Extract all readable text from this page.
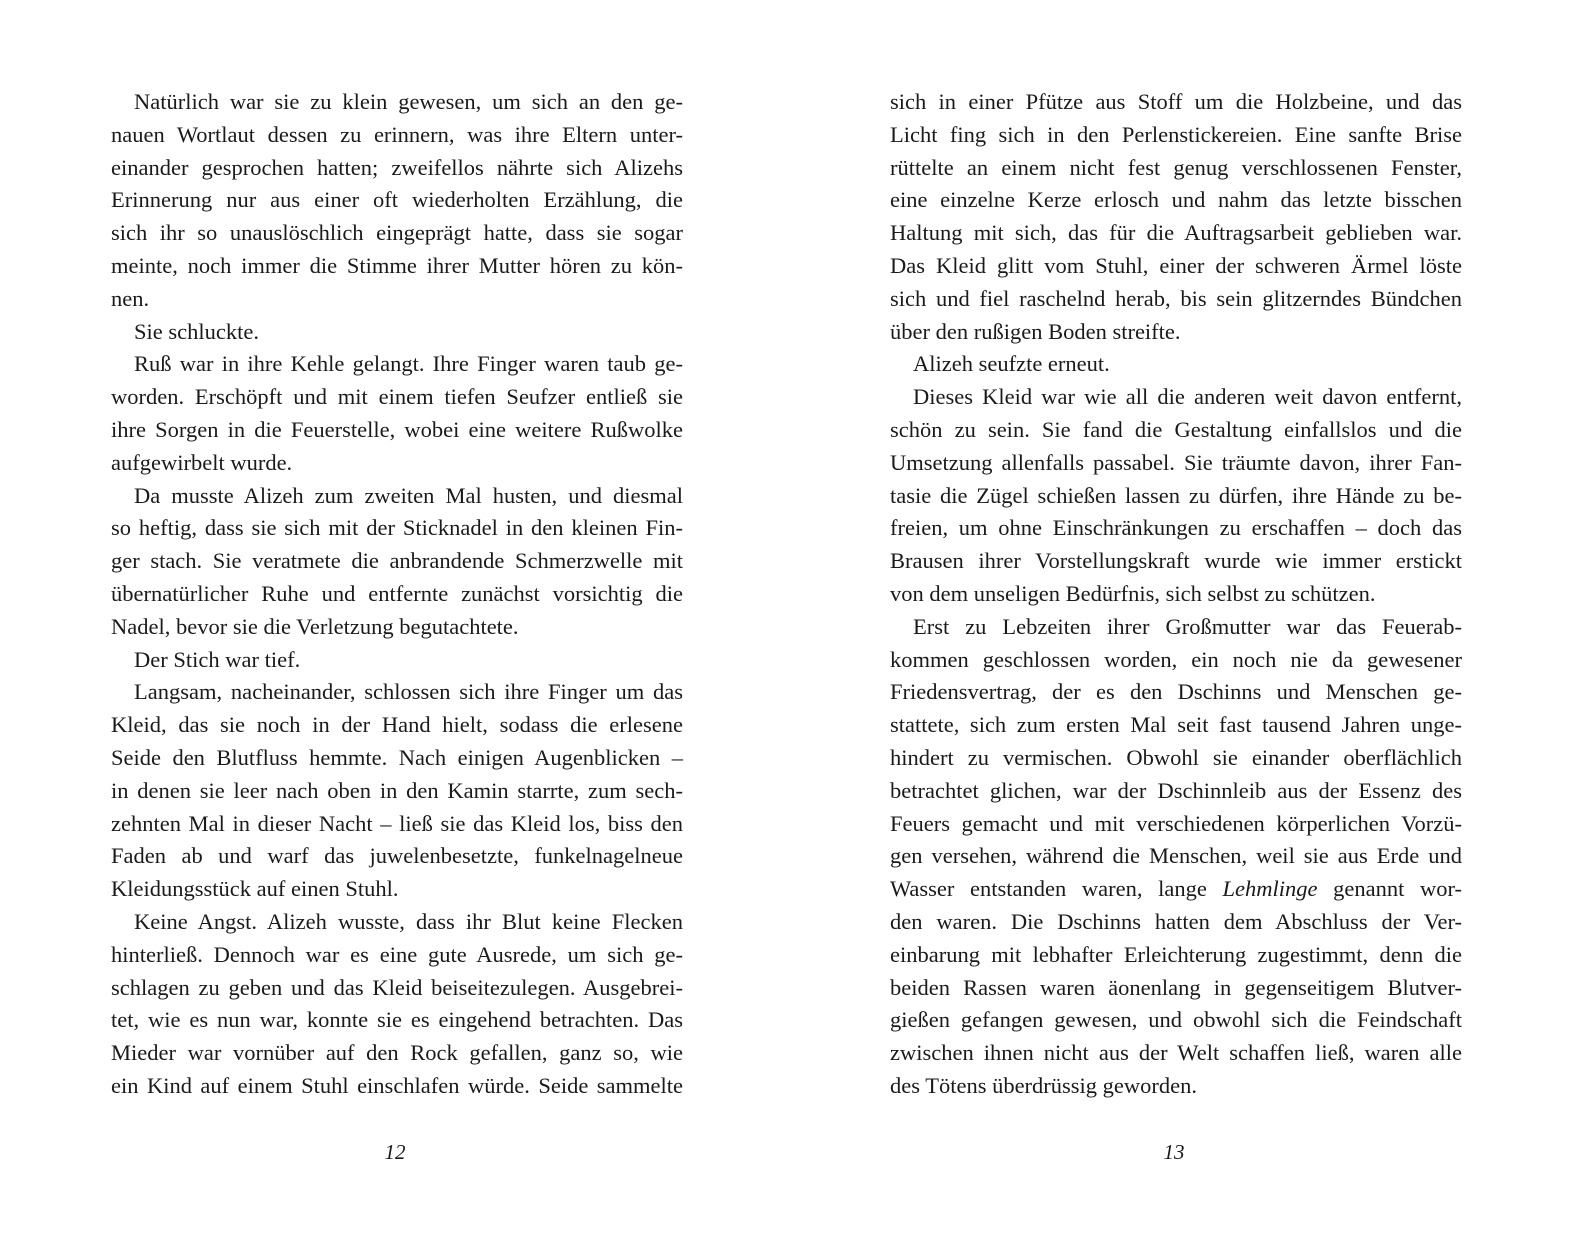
Natürlich war sie zu klein gewesen, um sich an den ge-
nauen Wortlaut dessen zu erinnern, was ihre Eltern unter-
einander gesprochen hatten; zweifellos nährte sich Alizehs
Erinnerung nur aus einer oft wiederholten Erzählung, die
sich ihr so unauslöschlich eingeprägt hatte, dass sie sogar
meinte, noch immer die Stimme ihrer Mutter hören zu kön-
nen.
Sie schluckte.
Ruß war in ihre Kehle gelangt. Ihre Finger waren taub ge-
worden. Erschöpft und mit einem tiefen Seufzer entließ sie
ihre Sorgen in die Feuerstelle, wobei eine weitere Rußwolke
aufgewirbelt wurde.
Da musste Alizeh zum zweiten Mal husten, und diesmal
so heftig, dass sie sich mit der Sticknadel in den kleinen Fin-
ger stach. Sie veratmete die anbrandende Schmerzwelle mit
übernatürlicher Ruhe und entfernte zunächst vorsichtig die
Nadel, bevor sie die Verletzung begutachtete.
Der Stich war tief.
Langsam, nacheinander, schlossen sich ihre Finger um das
Kleid, das sie noch in der Hand hielt, sodass die erlesene
Seide den Blutfluss hemmte. Nach einigen Augenblicken –
in denen sie leer nach oben in den Kamin starrte, zum sech-
zehnten Mal in dieser Nacht – ließ sie das Kleid los, biss den
Faden ab und warf das juwelenbesetzte, funkelnagelneue
Kleidungsstück auf einen Stuhl.
Keine Angst. Alizeh wusste, dass ihr Blut keine Flecken
hinterließ. Dennoch war es eine gute Ausrede, um sich ge-
schlagen zu geben und das Kleid beiseitezulegen. Ausgebrei-
tet, wie es nun war, konnte sie es eingehend betrachten. Das
Mieder war vornüber auf den Rock gefallen, ganz so, wie
ein Kind auf einem Stuhl einschlafen würde. Seide sammelte
12
sich in einer Pfütze aus Stoff um die Holzbeine, und das
Licht fing sich in den Perlenstickereien. Eine sanfte Brise
rüttelte an einem nicht fest genug verschlossenen Fenster,
eine einzelne Kerze erlosch und nahm das letzte bisschen
Haltung mit sich, das für die Auftragsarbeit geblieben war.
Das Kleid glitt vom Stuhl, einer der schweren Ärmel löste
sich und fiel raschelnd herab, bis sein glitzerndes Bündchen
über den rußigen Boden streifte.
Alizeh seufzte erneut.
Dieses Kleid war wie all die anderen weit davon entfernt,
schön zu sein. Sie fand die Gestaltung einfallslos und die
Umsetzung allenfalls passabel. Sie träumte davon, ihrer Fan-
tasie die Zügel schießen lassen zu dürfen, ihre Hände zu be-
freien, um ohne Einschränkungen zu erschaffen – doch das
Brausen ihrer Vorstellungskraft wurde wie immer erstickt
von dem unseligen Bedürfnis, sich selbst zu schützen.
Erst zu Lebzeiten ihrer Großmutter war das Feuerab-
kommen geschlossen worden, ein noch nie da gewesener
Friedensvertrag, der es den Dschinns und Menschen ge-
stattete, sich zum ersten Mal seit fast tausend Jahren unge-
hindert zu vermischen. Obwohl sie einander oberflächlich
betrachtet glichen, war der Dschinnleib aus der Essenz des
Feuers gemacht und mit verschiedenen körperlichen Vorzü-
gen versehen, während die Menschen, weil sie aus Erde und
Wasser entstanden waren, lange Lehmlinge genannt wor-
den waren. Die Dschinns hatten dem Abschluss der Ver-
einbarung mit lebhafter Erleichterung zugestimmt, denn die
beiden Rassen waren äonenlang in gegenseitigem Blutver-
gießen gefangen gewesen, und obwohl sich die Feindschaft
zwischen ihnen nicht aus der Welt schaffen ließ, waren alle
des Tötens überdrüssig geworden.
13
